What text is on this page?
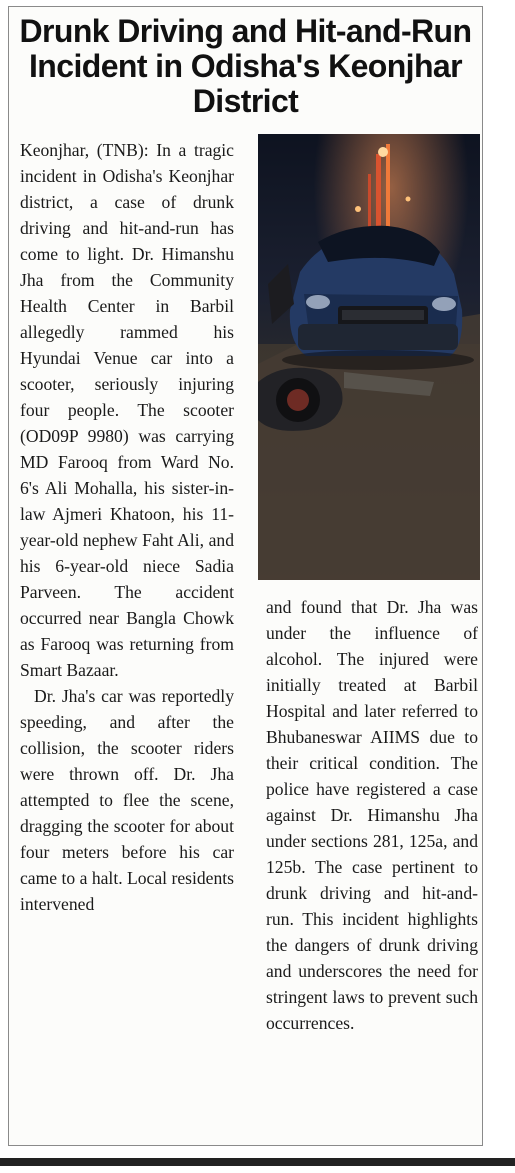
Drunk Driving and Hit-and-Run Incident in Odisha's Keonjhar District

Keonjhar, (TNB): In a tragic incident in Odisha's Keonjhar district, a case of drunk driving and hit-and-run has come to light. Dr. Himanshu Jha from the Community Health Center in Barbil allegedly rammed his Hyundai Venue car into a scooter, seriously injuring four people. The scooter (OD09P 9980) was carrying MD Farooq from Ward No. 6's Ali Mohalla, his sister-in-law Ajmeri Khatoon, his 11-year-old nephew Faht Ali, and his 6-year-old niece Sadia Parveen. The accident occurred near Bangla Chowk as Farooq was returning from Smart Bazaar.

Dr. Jha's car was reportedly speeding, and after the collision, the scooter riders were thrown off. Dr. Jha attempted to flee the scene, dragging the scooter for about four meters before his car came to a halt. Local residents intervened

and found that Dr. Jha was under the influence of alcohol. The injured were initially treated at Barbil Hospital and later referred to Bhubaneswar AIIMS due to their critical condition. The police have registered a case against Dr. Himanshu Jha under sections 281, 125a, and 125b. The case pertinent to drunk driving and hit-and-run. This incident highlights the dangers of drunk driving and underscores the need for stringent laws to prevent such occurrences.
